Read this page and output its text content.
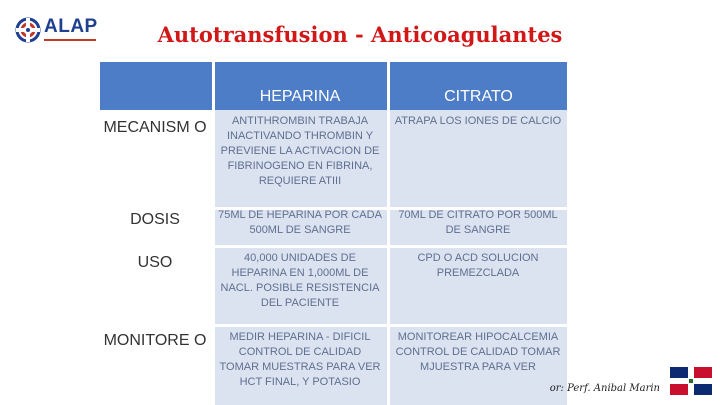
ALAP	Autotransfusion - Anticoagulantes
HEPARINA	CITRATO
MECANISM O
DOSIS
USO
MONITORE O
ANTITHROMBIN TRABAJA INACTIVANDO THROMBIN Y PREVIENE LA ACTIVACION DE FIBRINOGENO EN FIBRINA, REQUIERE ATIII
75ML DE HEPARINA POR CADA 500ML DE SANGRE
40,000 UNIDADES DE HEPARINA EN 1,000ML DE NACL. POSIBLE RESISTENCIA DEL PACIENTE
MEDIR HEPARINA - DIFICIL CONTROL DE CALIDAD TOMAR MUESTRAS PARA VER HCT FINAL, Y POTASIO
ATRAPA LOS IONES DE CALCIO
70ML DE CITRATO POR 500ML DE SANGRE
CPD O ACD SOLUCION PREMEZCLADA
MONITOREAR HIPOCALCEMIA CONTROL DE CALIDAD TOMAR MJUESTRA PARA VER
or: Perf. Anibal Marin
